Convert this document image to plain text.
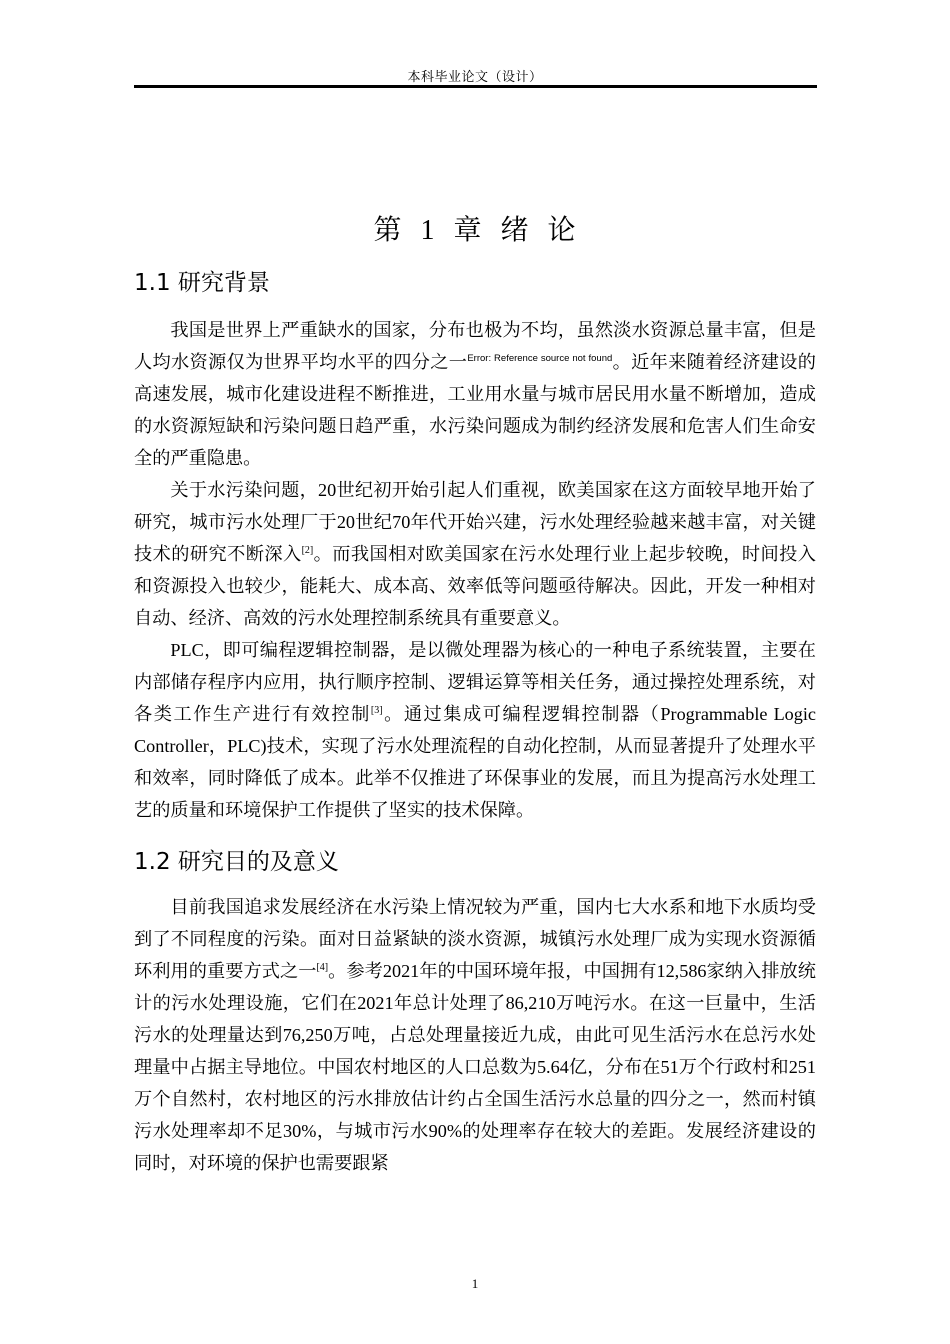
本科毕业论文（设计）
第 1 章 绪 论
1.1 研究背景

我国是世界上严重缺水的国家，分布也极为不均，虽然淡水资源总量丰富，但是人均水资源仅为世界平均水平的四分之一$^{Error: Reference source not found}$。近年来随着经济建设的高速发展，城市化建设进程不断推进，工业用水量与城市居民用水量不断增加，造成的水资源短缺和污染问题日趋严重，水污染问题成为制约经济发展和危害人们生命安全的严重隐患。

关于水污染问题，20世纪初开始引起人们重视，欧美国家在这方面较早地开始了研究，城市污水处理厂于20世纪70年代开始兴建，污水处理经验越来越丰富，对关键技术的研究不断深入[2]。而我国相对欧美国家在污水处理行业上起步较晚，时间投入和资源投入也较少，能耗大、成本高、效率低等问题亟待解决。因此，开发一种相对自动、经济、高效的污水处理控制系统具有重要意义。

PLC，即可编程逻辑控制器，是以微处理器为核心的一种电子系统装置，主要在内部储存程序内应用，执行顺序控制、逻辑运算等相关任务，通过操控处理系统，对各类工作生产进行有效控制[3]。通过集成可编程逻辑控制器（Programmable Logic Controller，PLC)技术，实现了污水处理流程的自动化控制，从而显著提升了处理水平和效率，同时降低了成本。此举不仅推进了环保事业的发展，而且为提高污水处理工艺的质量和环境保护工作提供了坚实的技术保障。

1.2 研究目的及意义

目前我国追求发展经济在水污染上情况较为严重，国内七大水系和地下水质均受到了不同程度的污染。面对日益紧缺的淡水资源，城镇污水处理厂成为实现水资源循环利用的重要方式之一[4]。参考2021年的中国环境年报，中国拥有12,586家纳入排放统计的污水处理设施，它们在2021年总计处理了86,210万吨污水。在这一巨量中，生活污水的处理量达到76,250万吨，占总处理量接近九成，由此可见生活污水在总污水处理量中占据主导地位。中国农村地区的人口总数为5.64亿，分布在51万个行政村和251万个自然村，农村地区的污水排放估计约占全国生活污水总量的四分之一，然而村镇污水处理率却不足30%，与城市污水90%的处理率存在较大的差距。发展经济建设的同时，对环境的保护也需要跟紧

1
